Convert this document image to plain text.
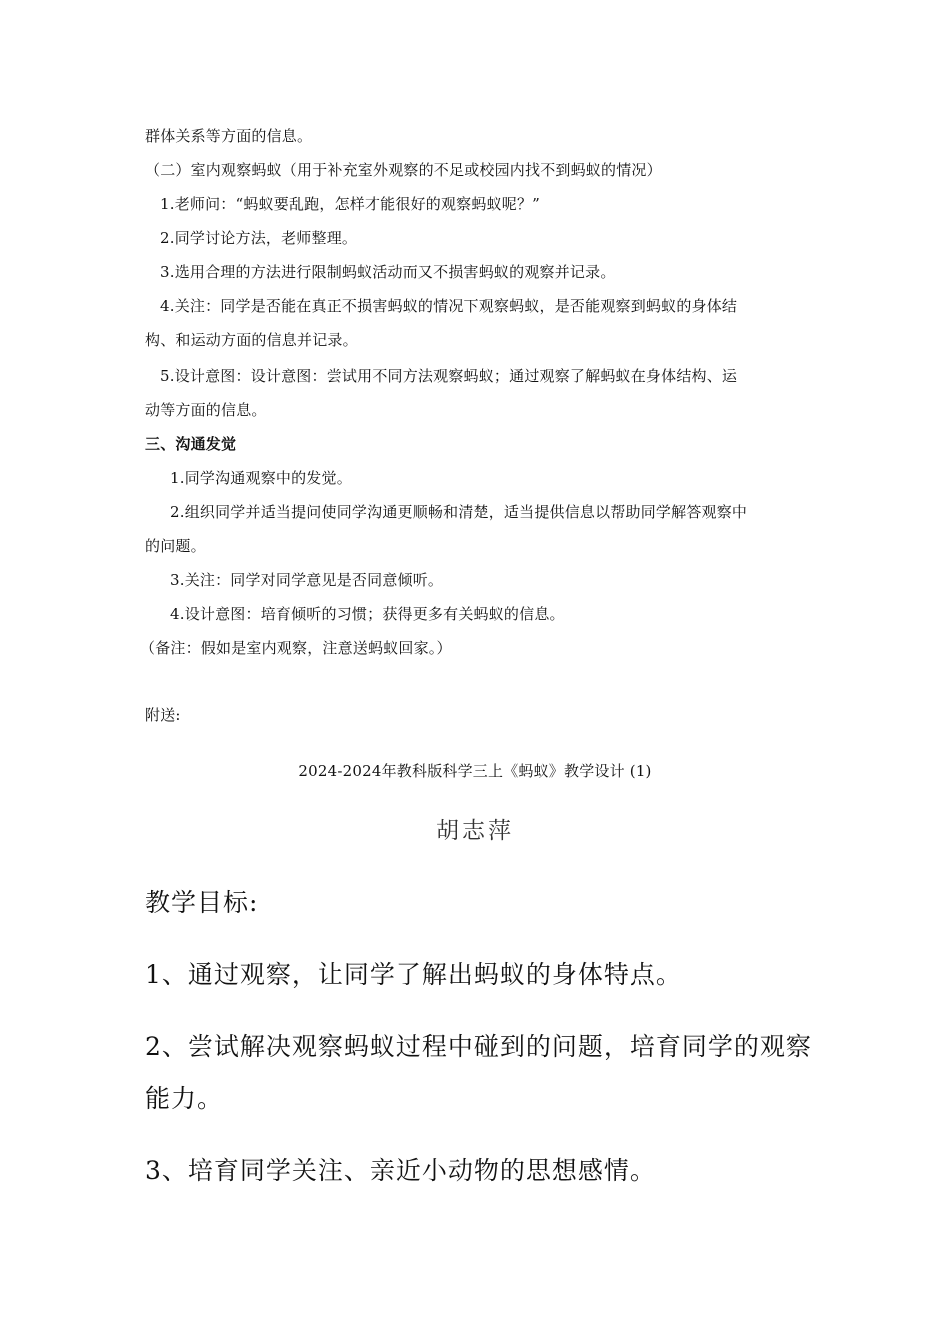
群体关系等方面的信息。
（二）室内观察蚂蚁（用于补充室外观察的不足或校园内找不到蚂蚁的情况）
1.老师问：“蚂蚁要乱跑，怎样才能很好的观察蚂蚁呢？”
2.同学讨论方法，老师整理。
3.选用合理的方法进行限制蚂蚁活动而又不损害蚂蚁的观察并记录。
4.关注：同学是否能在真正不损害蚂蚁的情况下观察蚂蚁，是否能观察到蚂蚁的身体结
构、和运动方面的信息并记录。
5.设计意图：设计意图：尝试用不同方法观察蚂蚁；通过观察了解蚂蚁在身体结构、运
动等方面的信息。
三、沟通发觉
1.同学沟通观察中的发觉。
2.组织同学并适当提问使同学沟通更顺畅和清楚，适当提供信息以帮助同学解答观察中
的问题。
3.关注：同学对同学意见是否同意倾听。
4.设计意图：培育倾听的习惯；获得更多有关蚂蚁的信息。
（备注：假如是室内观察，注意送蚂蚁回家。）
附送:
2024-2024年教科版科学三上《蚂蚁》教学设计 (1)
胡志萍
教学目标:
1、通过观察，让同学了解出蚂蚁的身体特点。
2、尝试解决观察蚂蚁过程中碰到的问题，培育同学的观察
能力。
3、培育同学关注、亲近小动物的思想感情。
